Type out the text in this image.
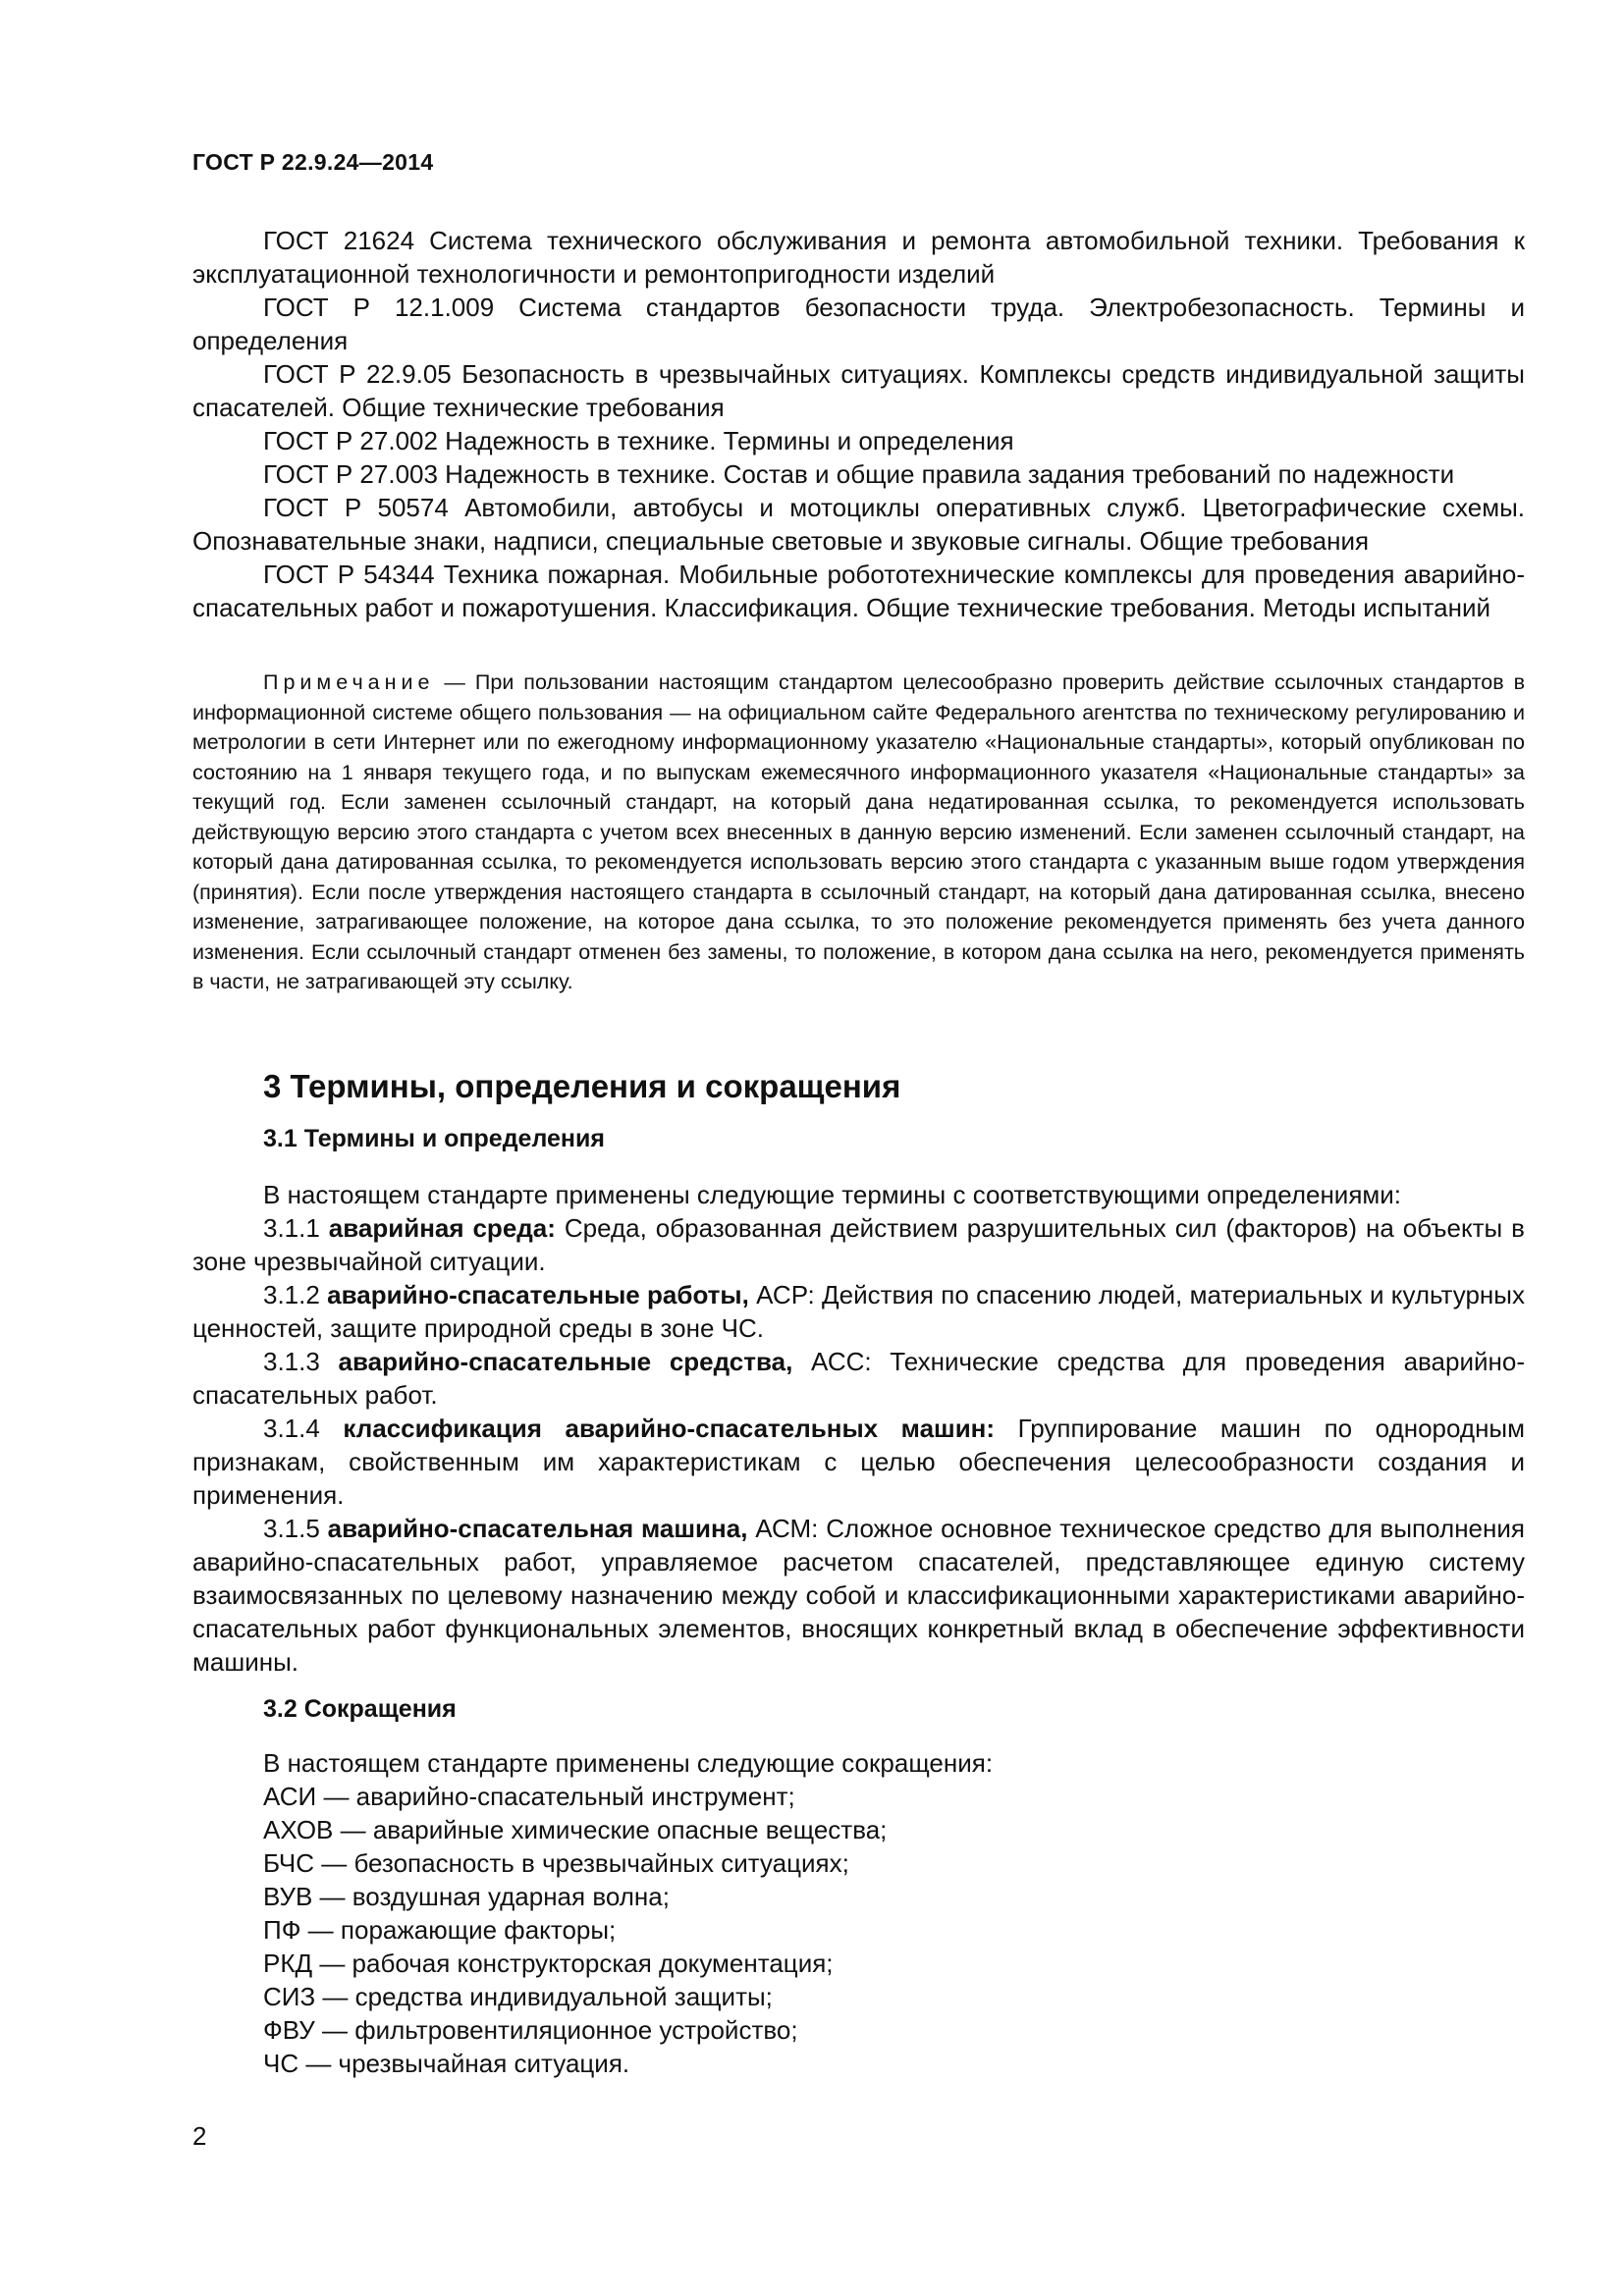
ГОСТ Р 22.9.24—2014

ГОСТ 21624 Система технического обслуживания и ремонта автомобильной техники. Требования к эксплуатационной технологичности и ремонтопригодности изделий

ГОСТ Р 12.1.009 Система стандартов безопасности труда. Электробезопасность. Термины и определения

ГОСТ Р 22.9.05 Безопасность в чрезвычайных ситуациях. Комплексы средств индивидуальной защиты спасателей. Общие технические требования

ГОСТ Р 27.002 Надежность в технике. Термины и определения

ГОСТ Р 27.003 Надежность в технике. Состав и общие правила задания требований по надежности

ГОСТ Р 50574 Автомобили, автобусы и мотоциклы оперативных служб. Цветографические схемы. Опознавательные знаки, надписи, специальные световые и звуковые сигналы. Общие требования

ГОСТ Р 54344 Техника пожарная. Мобильные робототехнические комплексы для проведения аварийно-спасательных работ и пожаротушения. Классификация. Общие технические требования. Методы испытаний

Примечание — При пользовании настоящим стандартом целесообразно проверить действие ссылочных стандартов в информационной системе общего пользования — на официальном сайте Федерального агентства по техническому регулированию и метрологии в сети Интернет или по ежегодному информационному указателю «Национальные стандарты», который опубликован по состоянию на 1 января текущего года, и по выпускам ежемесячного информационного указателя «Национальные стандарты» за текущий год. Если заменен ссылочный стандарт, на который дана недатированная ссылка, то рекомендуется использовать действующую версию этого стандарта с учетом всех внесенных в данную версию изменений. Если заменен ссылочный стандарт, на который дана датированная ссылка, то рекомендуется использовать версию этого стандарта с указанным выше годом утверждения (принятия). Если после утверждения настоящего стандарта в ссылочный стандарт, на который дана датированная ссылка, внесено изменение, затрагивающее положение, на которое дана ссылка, то это положение рекомендуется применять без учета данного изменения. Если ссылочный стандарт отменен без замены, то положение, в котором дана ссылка на него, рекомендуется применять в части, не затрагивающей эту ссылку.

3 Термины, определения и сокращения
3.1 Термины и определения

В настоящем стандарте применены следующие термины с соответствующими определениями:

3.1.1 аварийная среда: Среда, образованная действием разрушительных сил (факторов) на объекты в зоне чрезвычайной ситуации.

3.1.2 аварийно-спасательные работы, АСР: Действия по спасению людей, материальных и культурных ценностей, защите природной среды в зоне ЧС.

3.1.3 аварийно-спасательные средства, АСС: Технические средства для проведения аварийно-спасательных работ.

3.1.4 классификация аварийно-спасательных машин: Группирование машин по однородным признакам, свойственным им характеристикам с целью обеспечения целесообразности создания и применения.

3.1.5 аварийно-спасательная машина, АСМ: Сложное основное техническое средство для выполнения аварийно-спасательных работ, управляемое расчетом спасателей, представляющее единую систему взаимосвязанных по целевому назначению между собой и классификационными характеристиками аварийно-спасательных работ функциональных элементов, вносящих конкретный вклад в обеспечение эффективности машины.

3.2 Сокращения

В настоящем стандарте применены следующие сокращения:

АСИ — аварийно-спасательный инструмент;

АХОВ — аварийные химические опасные вещества;

БЧС — безопасность в чрезвычайных ситуациях;

ВУВ — воздушная ударная волна;

ПФ — поражающие факторы;

РКД — рабочая конструкторская документация;

СИЗ — средства индивидуальной защиты;

ФВУ — фильтровентиляционное устройство;

ЧС — чрезвычайная ситуация.

2
